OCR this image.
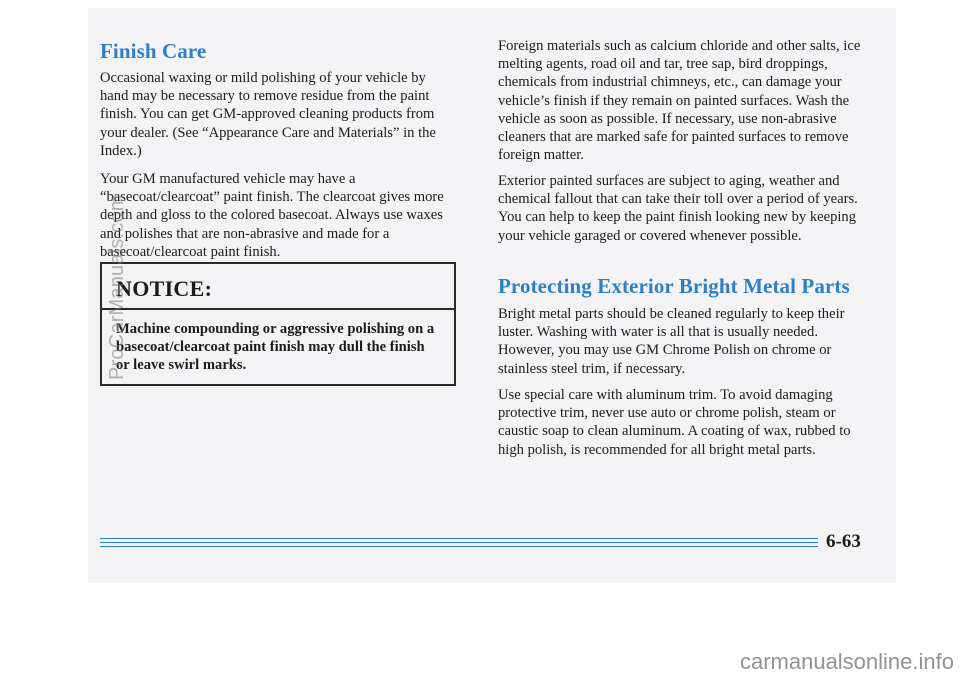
Finish Care

Occasional waxing or mild polishing of your vehicle by hand may be necessary to remove residue from the paint finish. You can get GM-approved cleaning products from your dealer. (See “Appearance Care and Materials” in the Index.)

Your GM manufactured vehicle may have a “basecoat/clearcoat” paint finish. The clearcoat gives more depth and gloss to the colored basecoat. Always use waxes and polishes that are non-abrasive and made for a basecoat/clearcoat paint finish.

NOTICE:
Machine compounding or aggressive polishing on a basecoat/clearcoat paint finish may dull the finish or leave swirl marks.

Foreign materials such as calcium chloride and other salts, ice melting agents, road oil and tar, tree sap, bird droppings, chemicals from industrial chimneys, etc., can damage your vehicle’s finish if they remain on painted surfaces. Wash the vehicle as soon as possible. If necessary, use non-abrasive cleaners that are marked safe for painted surfaces to remove foreign matter.

Exterior painted surfaces are subject to aging, weather and chemical fallout that can take their toll over a period of years. You can help to keep the paint finish looking new by keeping your vehicle garaged or covered whenever possible.

Protecting Exterior Bright Metal Parts

Bright metal parts should be cleaned regularly to keep their luster. Washing with water is all that is usually needed. However, you may use GM Chrome Polish on chrome or stainless steel trim, if necessary.

Use special care with aluminum trim. To avoid damaging protective trim, never use auto or chrome polish, steam or caustic soap to clean aluminum. A coating of wax, rubbed to high polish, is recommended for all bright metal parts.

6-63
ProCarManuals.com
carmanualsonline.info
